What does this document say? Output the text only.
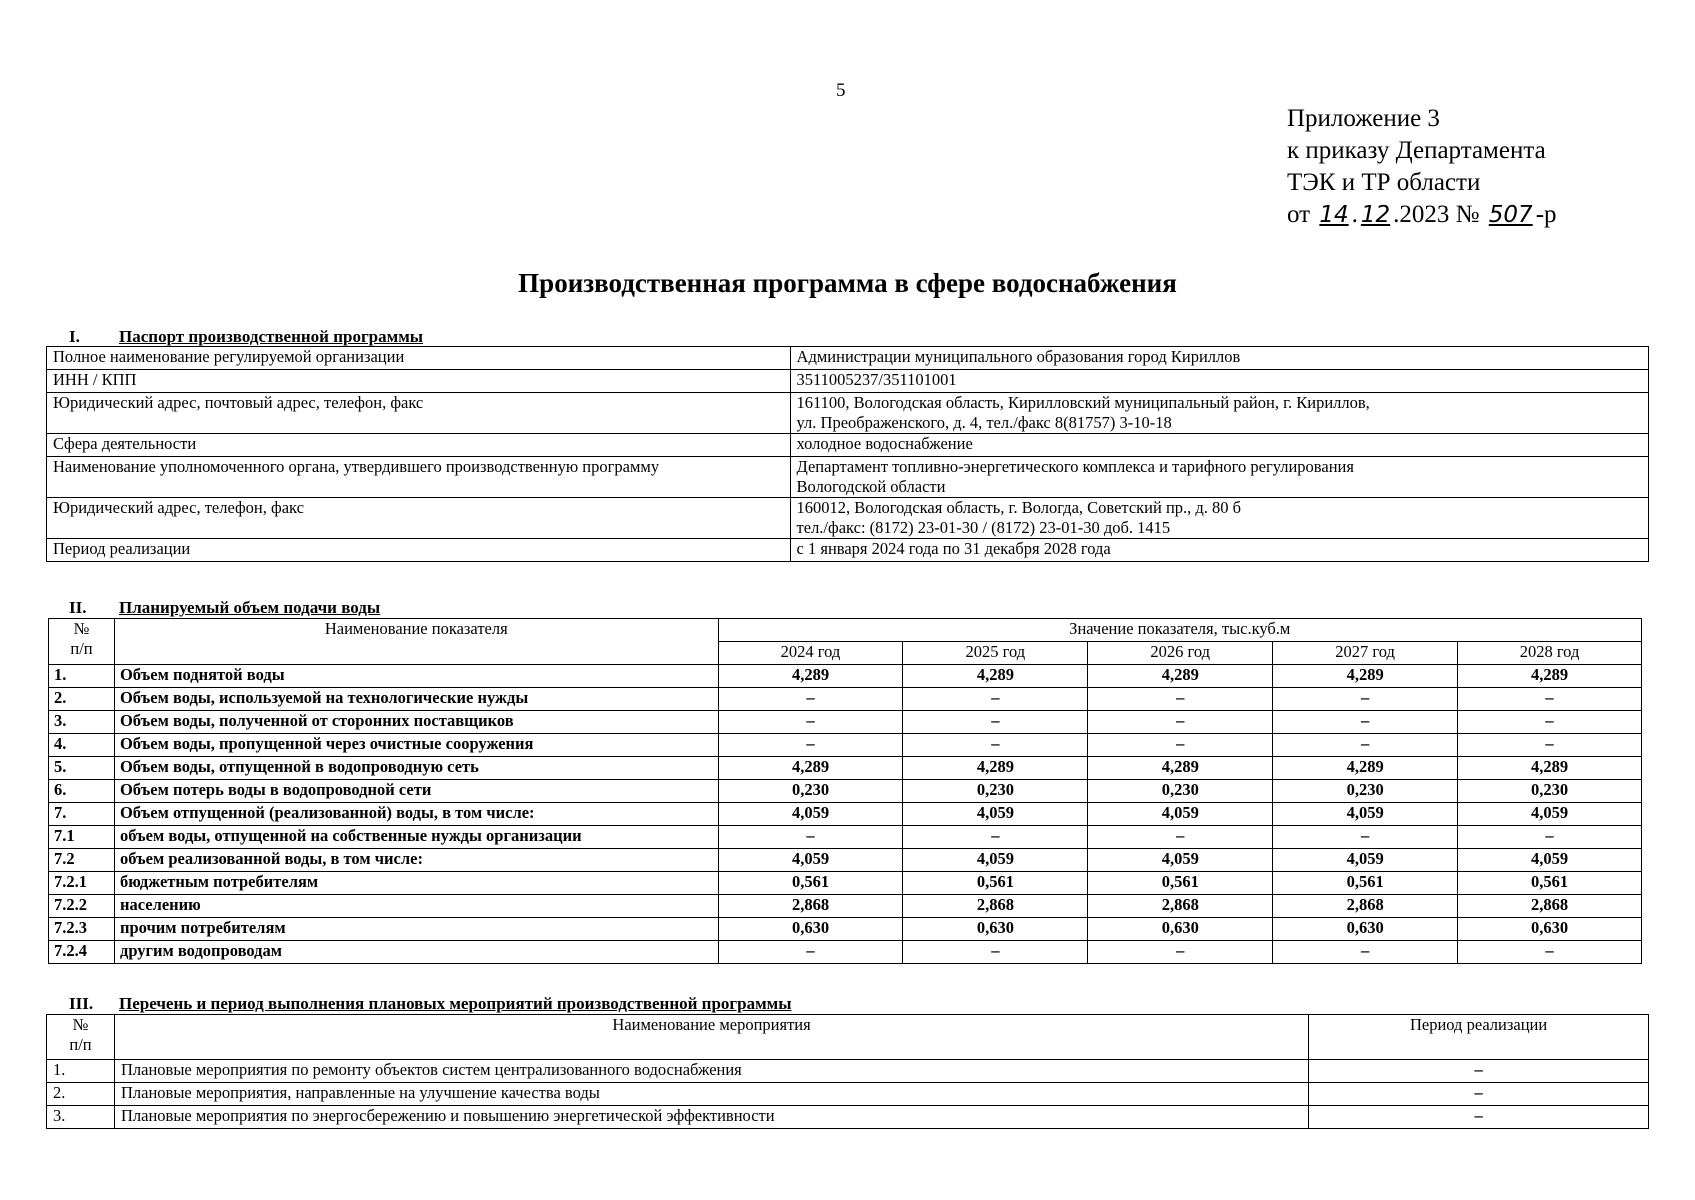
5
Приложение 3
к приказу Департамента
ТЭК и ТР области
от 14 . 12 .2023 № 507 -р
Производственная программа в сфере водоснабжения
I. Паспорт производственной программы
Полное наименование регулируемой организации	Администрации муниципального образования город Кириллов
ИНН / КПП	3511005237/351101001
Юридический адрес, почтовый адрес, телефон, факс	161100, Вологодская область, Кирилловский муниципальный район, г. Кириллов,
ул. Преображенского, д. 4, тел./факс 8(81757) 3-10-18

Сфера деятельности	холодное водоснабжение
Наименование уполномоченного органа, утвердившего производственную программу	Департамент топливно-энергетического комплекса и тарифного регулирования
Вологодской области

Юридический адрес, телефон, факс	160012, Вологодская область, г. Вологда, Советский пр., д. 80 б
тел./факс: (8172) 23-01-30 / (8172) 23-01-30 доб. 1415

Период реализации	с 1 января 2024 года по 31 декабря 2028 года
II. Планируемый объем подачи воды
№
п/п	Наименование показателя	Значение показателя, тыс.куб.м				
		2024 год	2025 год	2026 год	2027 год	2028 год
1.	Объем поднятой воды	4,289	4,289	4,289	4,289	4,289
2.	Объем воды, используемой на технологические нужды	–	–	–	–	–
3.	Объем воды, полученной от сторонних поставщиков	–	–	–	–	–
4.	Объем воды, пропущенной через очистные сооружения	–	–	–	–	–
5.	Объем воды, отпущенной в водопроводную сеть	4,289	4,289	4,289	4,289	4,289
6.	Объем потерь воды в водопроводной сети	0,230	0,230	0,230	0,230	0,230
7.	Объем отпущенной (реализованной) воды, в том числе:	4,059	4,059	4,059	4,059	4,059
7.1	объем воды, отпущенной на собственные нужды организации	–	–	–	–	–
7.2	объем реализованной воды, в том числе:	4,059	4,059	4,059	4,059	4,059
7.2.1	бюджетным потребителям	0,561	0,561	0,561	0,561	0,561
7.2.2	населению	2,868	2,868	2,868	2,868	2,868
7.2.3	прочим потребителям	0,630	0,630	0,630	0,630	0,630
7.2.4	другим водопроводам	–	–	–	–	–
III. Перечень и период выполнения плановых мероприятий производственной программы
№
п/п	Наименование мероприятия	Период реализации
1.	Плановые мероприятия по ремонту объектов систем централизованного водоснабжения	–
2.	Плановые мероприятия, направленные на улучшение качества воды	–
3.	Плановые мероприятия по энергосбережению и повышению энергетической эффективности	–
